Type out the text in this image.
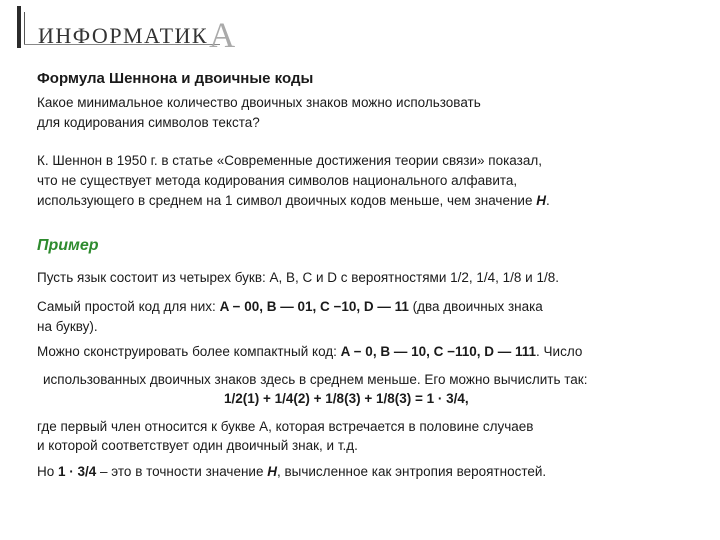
ИНФОРМАТИКА
Формула Шеннона и двоичные коды
Какое минимальное количество двоичных знаков можно использовать
для кодирования символов текста?
К. Шеннон в 1950 г. в статье «Современные достижения теории связи» показал,
что не существует метода кодирования символов национального алфавита,
использующего в среднем на 1 символ двоичных кодов меньше, чем значение H.
Пример
Пусть язык состоит из четырех букв: A, B, C и D с вероятностями 1/2, 1/4, 1/8 и 1/8.
Самый простой код для них: A − 00, B — 01, C −10, D — 11 (два двоичных знака
на букву).
Можно сконструировать более компактный код: A − 0, B — 10, C −110, D — 111. Число
использованных двоичных знаков здесь в среднем меньше. Его можно вычислить так:
1/2(1) + 1/4(2) + 1/8(3) + 1/8(3) = 1 · 3/4,
где первый член относится к букве A, которая встречается в половине случаев
и которой соответствует один двоичный знак, и т.д.
Но 1 · 3/4 – это в точности значение H, вычисленное как энтропия вероятностей.
